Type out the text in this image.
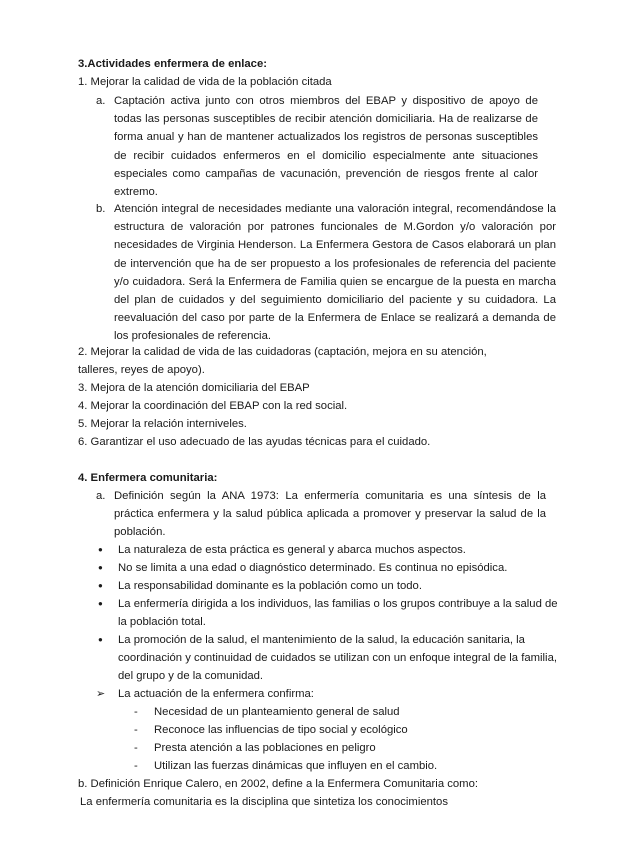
3.Actividades enfermera de enlace:
1. Mejorar la calidad de vida de la población citada
a. Captación activa junto con otros miembros del EBAP y dispositivo de apoyo de todas las personas susceptibles de recibir atención domiciliaria. Ha de realizarse de forma anual y han de mantener actualizados los registros de personas susceptibles de recibir cuidados enfermeros en el domicilio especialmente ante situaciones especiales como campañas de vacunación, prevención de riesgos frente al calor extremo.
b. Atención integral de necesidades mediante una valoración integral, recomendándose la estructura de valoración por patrones funcionales de M.Gordon y/o valoración por necesidades de Virginia Henderson. La Enfermera Gestora de Casos elaborará un plan de intervención que ha de ser propuesto a los profesionales de referencia del paciente y/o cuidadora. Será la Enfermera de Familia quien se encargue de la puesta en marcha del plan de cuidados y del seguimiento domiciliario del paciente y su cuidadora. La reevaluación del caso por parte de la Enfermera de Enlace se realizará a demanda de los profesionales de referencia.
2. Mejorar la calidad de vida de las cuidadoras (captación, mejora en su atención,
talleres, reyes de apoyo).
3. Mejora de la atención domiciliaria del EBAP
4. Mejorar la coordinación del EBAP con la red social.
5. Mejorar la relación interniveles.
6. Garantizar el uso adecuado de las ayudas técnicas para el cuidado.
4. Enfermera comunitaria:
a. Definición según la ANA 1973: La enfermería comunitaria es una síntesis de la práctica enfermera y la salud pública aplicada a promover y preservar la salud de la población.
● La naturaleza de esta práctica es general y abarca muchos aspectos.
● No se limita a una edad o diagnóstico determinado. Es continua no episódica.
● La responsabilidad dominante es la población como un todo.
● La enfermería dirigida a los individuos, las familias o los grupos contribuye a la salud de la población total.
● La promoción de la salud, el mantenimiento de la salud, la educación sanitaria, la coordinación y continuidad de cuidados se utilizan con un enfoque integral de la familia, del grupo y de la comunidad.
➢ La actuación de la enfermera confirma:
- Necesidad de un planteamiento general de salud
- Reconoce las influencias de tipo social y ecológico
- Presta atención a las poblaciones en peligro
- Utilizan las fuerzas dinámicas que influyen en el cambio.
b. Definición Enrique Calero, en 2002, define a la Enfermera Comunitaria como:
La enfermería comunitaria es la disciplina que sintetiza los conocimientos
